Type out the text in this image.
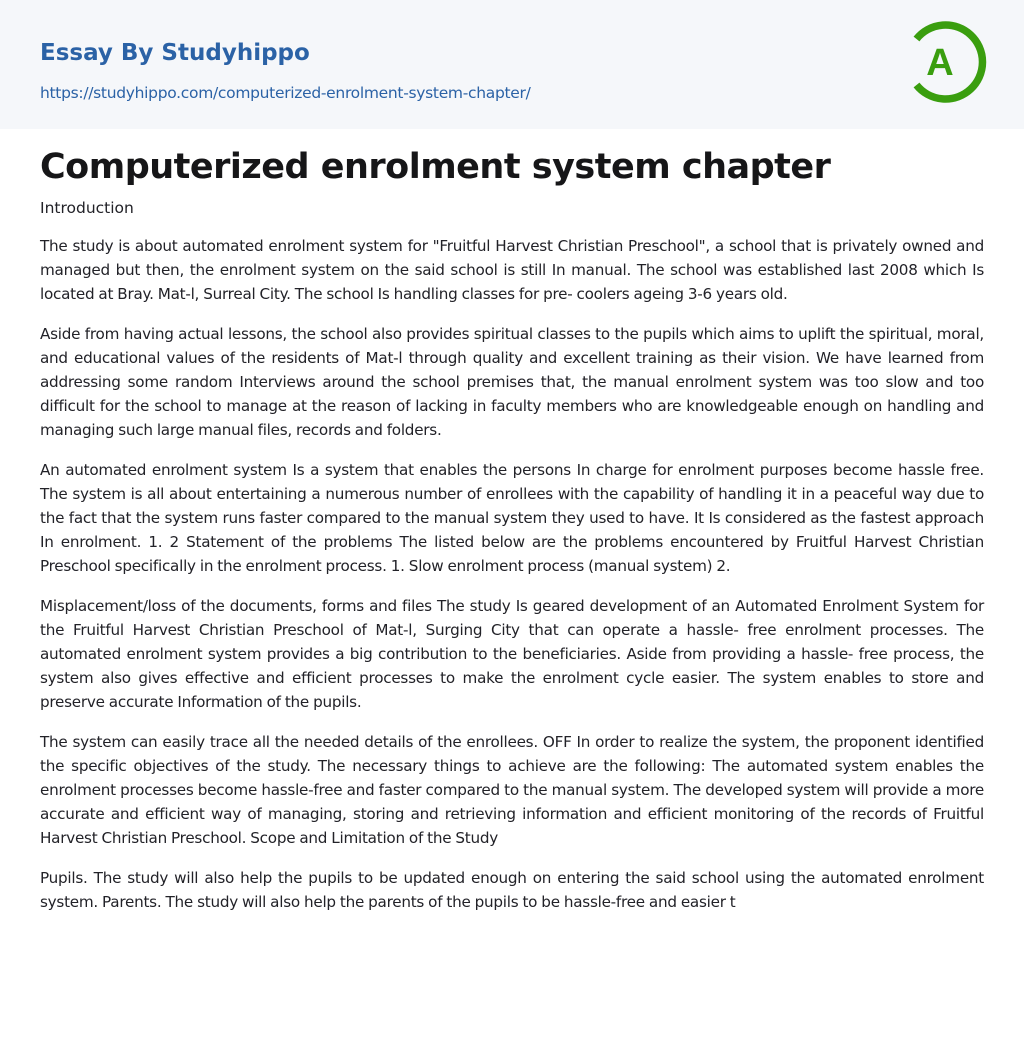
Essay By Studyhippo
https://studyhippo.com/computerized-enrolment-system-chapter/
A
Computerized enrolment system chapter
Introduction

The study is about automated enrolment system for "Fruitful Harvest Christian Preschool", a school that is privately owned and managed but then, the enrolment system on the said school is still In manual. The school was established last 2008 which Is located at Bray. Mat-l, Surreal City. The school Is handling classes for pre- coolers ageing 3-6 years old.

Aside from having actual lessons, the school also provides spiritual classes to the pupils which aims to uplift the spiritual, moral, and educational values of the residents of Mat-l through quality and excellent training as their vision. We have learned from addressing some random Interviews around the school premises that, the manual enrolment system was too slow and too difficult for the school to manage at the reason of lacking in faculty members who are knowledgeable enough on handling and managing such large manual files, records and folders.

An automated enrolment system Is a system that enables the persons In charge for enrolment purposes become hassle free. The system is all about entertaining a numerous number of enrollees with the capability of handling it in a peaceful way due to the fact that the system runs faster compared to the manual system they used to have. It Is considered as the fastest approach In enrolment. 1. 2 Statement of the problems The listed below are the problems encountered by Fruitful Harvest Christian Preschool specifically in the enrolment process. 1. Slow enrolment process (manual system) 2.

Misplacement/loss of the documents, forms and files The study Is geared development of an Automated Enrolment System for the Fruitful Harvest Christian Preschool of Mat-l, Surging City that can operate a hassle- free enrolment processes. The automated enrolment system provides a big contribution to the beneficiaries. Aside from providing a hassle- free process, the system also gives effective and efficient processes to make the enrolment cycle easier. The system enables to store and preserve accurate Information of the pupils.

The system can easily trace all the needed details of the enrollees. OFF In order to realize the system, the proponent identified the specific objectives of the study. The necessary things to achieve are the following: The automated system enables the enrolment processes become hassle-free and faster compared to the manual system. The developed system will provide a more accurate and efficient way of managing, storing and retrieving information and efficient monitoring of the records of Fruitful Harvest Christian Preschool. Scope and Limitation of the Study

Pupils. The study will also help the pupils to be updated enough on entering the said school using the automated enrolment system. Parents. The study will also help the parents of the pupils to be hassle-free and easier t
